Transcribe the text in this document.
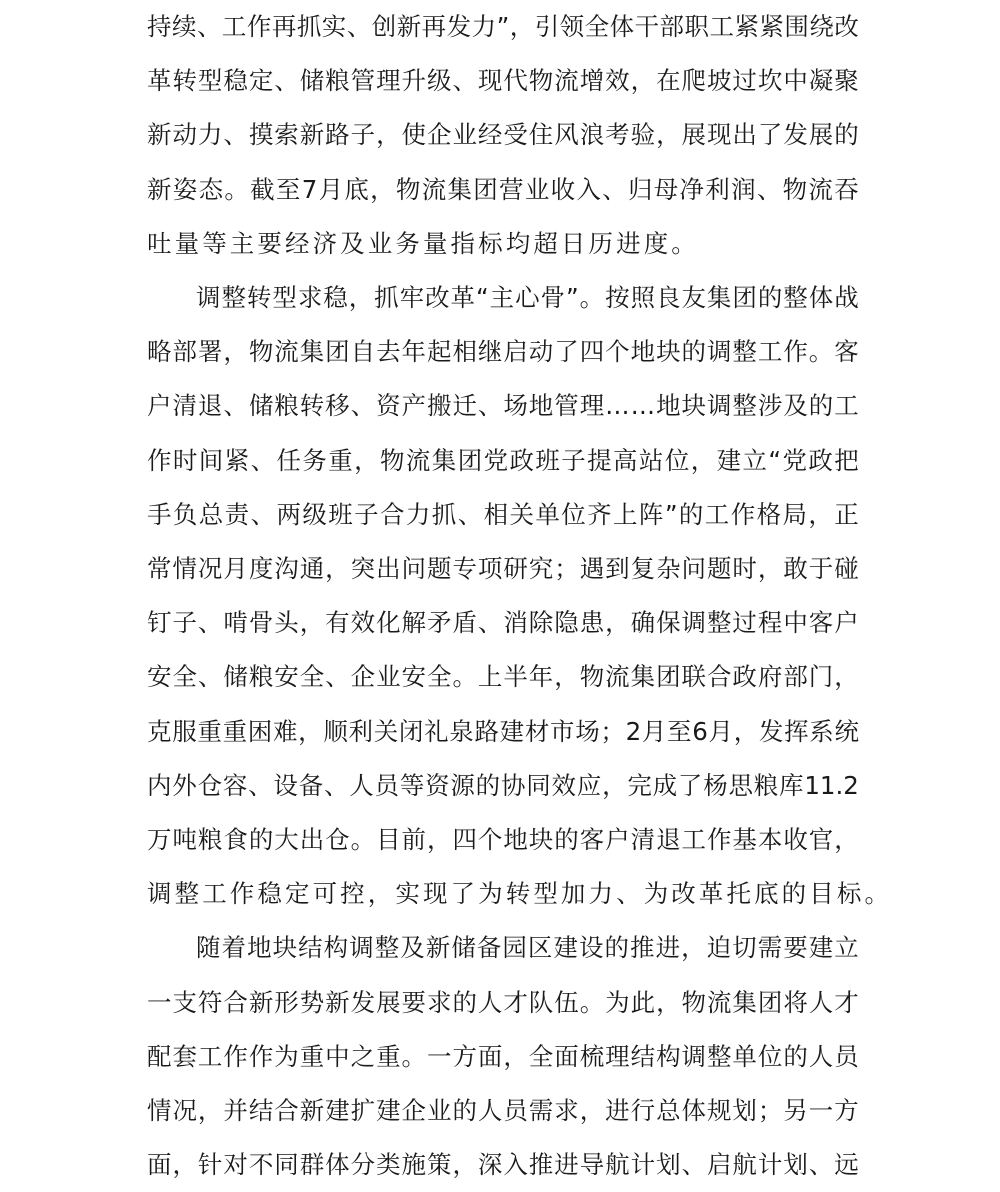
持 续 、 工 作 再 抓 实 、 创 新 再 发 力 ” ， 引 领 全 体 干 部 职 工 紧 紧 围 绕 改
革 转 型 稳 定 、 储 粮 管 理 升 级 、 现 代 物 流 增 效 ， 在 爬 坡 过 坎 中 凝 聚
新 动 力 、 摸 索 新 路 子 ， 使 企 业 经 受 住 风 浪 考 验 ， 展 现 出 了 发 展 的
新 姿 态 。 截 至 7 月 底 ， 物 流 集 团 营 业 收 入 、 归 母 净 利 润 、 物 流 吞
吐 量 等 主 要 经 济 及 业 务 量 指 标 均 超 日 历 进 度 。
调 整 转 型 求 稳 ， 抓 牢 改 革 “ 主 心 骨 ” 。 按 照 良 友 集 团 的 整 体 战
略 部 署 ， 物 流 集 团 自 去 年 起 相 继 启 动 了 四 个 地 块 的 调 整 工 作 。 客
户 清 退 、 储 粮 转 移 、 资 产 搬 迁 、 场 地 管 理 … … 地 块 调 整 涉 及 的 工
作 时 间 紧 、 任 务 重 ， 物 流 集 团 党 政 班 子 提 高 站 位 ， 建 立 “ 党 政 把
手 负 总 责 、 两 级 班 子 合 力 抓 、 相 关 单 位 齐 上 阵 ” 的 工 作 格 局 ， 正
常 情 况 月 度 沟 通 ， 突 出 问 题 专 项 研 究 ； 遇 到 复 杂 问 题 时 ， 敢 于 碰
钉 子 、 啃 骨 头 ， 有 效 化 解 矛 盾 、 消 除 隐 患 ， 确 保 调 整 过 程 中 客 户
安 全 、 储 粮 安 全 、 企 业 安 全 。 上 半 年 ， 物 流 集 团 联 合 政 府 部 门 ，
克 服 重 重 困 难 ， 顺 利 关 闭 礼 泉 路 建 材 市 场 ； 2 月 至 6 月 ， 发 挥 系 统
内 外 仓 容 、 设 备 、 人 员 等 资 源 的 协 同 效 应 ， 完 成 了 杨 思 粮 库 11.2
万 吨 粮 食 的 大 出 仓 。 目 前 ， 四 个 地 块 的 客 户 清 退 工 作 基 本 收 官 ，
调 整 工 作 稳 定 可 控 ， 实 现 了 为 转 型 加 力 、 为 改 革 托 底 的 目 标 。
随 着 地 块 结 构 调 整 及 新 储 备 园 区 建 设 的 推 进 ， 迫 切 需 要 建 立
一 支 符 合 新 形 势 新 发 展 要 求 的 人 才 队 伍 。 为 此 ， 物 流 集 团 将 人 才
配 套 工 作 作 为 重 中 之 重 。 一 方 面 ， 全 面 梳 理 结 构 调 整 单 位 的 人 员
情 况 ， 并 结 合 新 建 扩 建 企 业 的 人 员 需 求 ， 进 行 总 体 规 划 ； 另 一 方
面 ， 针 对 不 同 群 体 分 类 施 策 ， 深 入 推 进 导 航 计 划 、 启 航 计 划 、 远
